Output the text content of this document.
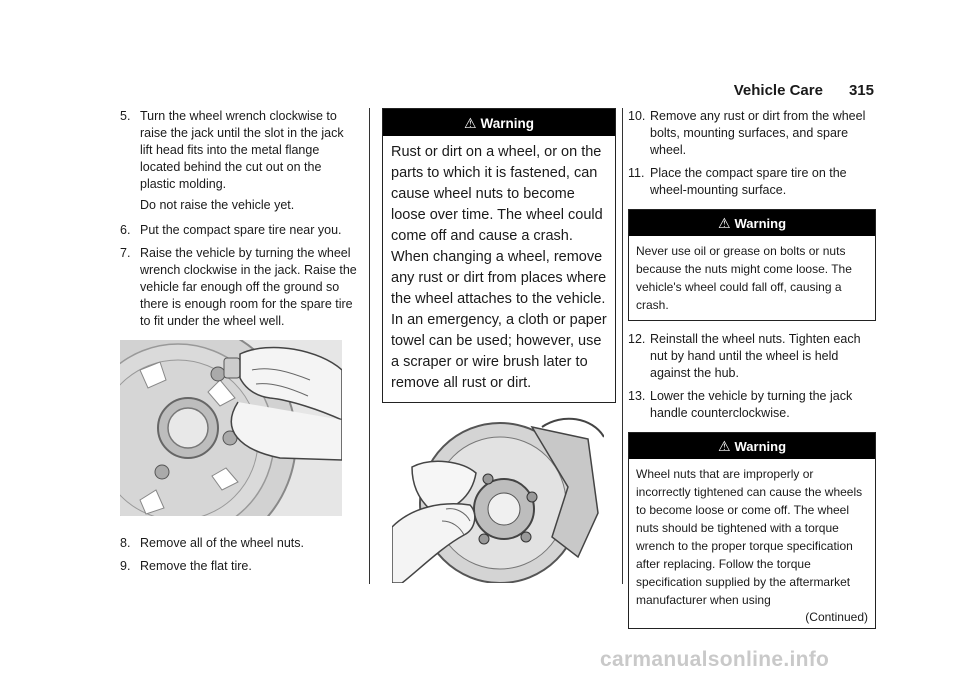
Vehicle Care 315
5. Turn the wheel wrench clockwise to raise the jack until the slot in the jack lift head fits into the metal flange located behind the cut out on the plastic molding.
Do not raise the vehicle yet.
6. Put the compact spare tire near you.
7. Raise the vehicle by turning the wheel wrench clockwise in the jack. Raise the vehicle far enough off the ground so there is enough room for the spare tire to fit under the wheel well.
8. Remove all of the wheel nuts.
9. Remove the flat tire.
⚠ Warning
Rust or dirt on a wheel, or on the parts to which it is fastened, can cause wheel nuts to become loose over time. The wheel could come off and cause a crash. When changing a wheel, remove any rust or dirt from places where the wheel attaches to the vehicle. In an emergency, a cloth or paper towel can be used; however, use a scraper or wire brush later to remove all rust or dirt.
10. Remove any rust or dirt from the wheel bolts, mounting surfaces, and spare wheel.
11. Place the compact spare tire on the wheel-mounting surface.
⚠ Warning
Never use oil or grease on bolts or nuts because the nuts might come loose. The vehicle's wheel could fall off, causing a crash.
12. Reinstall the wheel nuts. Tighten each nut by hand until the wheel is held against the hub.
13. Lower the vehicle by turning the jack handle counterclockwise.
⚠ Warning
Wheel nuts that are improperly or incorrectly tightened can cause the wheels to become loose or come off. The wheel nuts should be tightened with a torque wrench to the proper torque specification after replacing. Follow the torque specification supplied by the aftermarket manufacturer when using
(Continued)
carmanualsonline.info
